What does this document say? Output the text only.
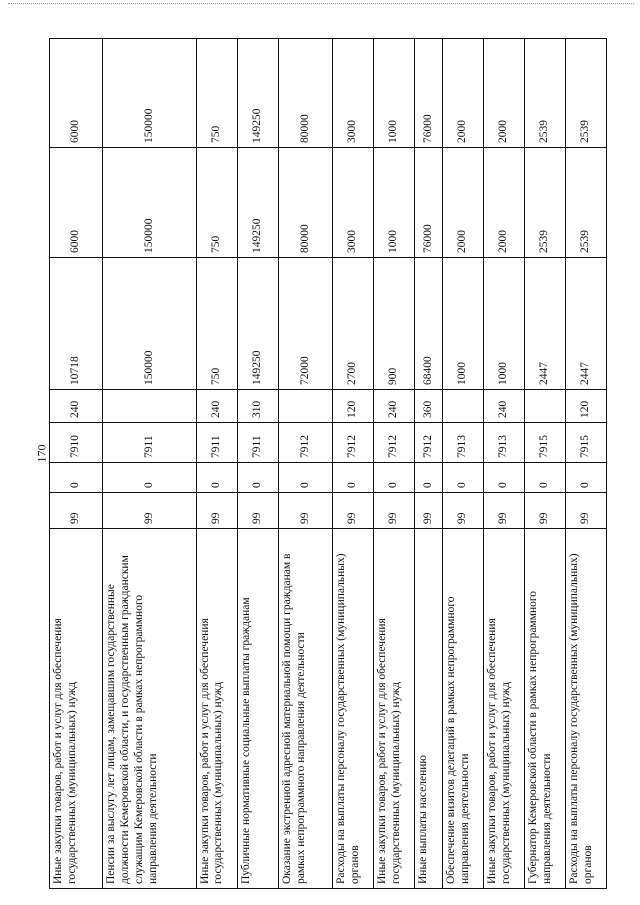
170
Иные закупки товаров, работ и услуг для обеспечения государственных (муниципальных) нужд	99	0	7910	240	10718	6000	6000
Пенсии за выслугу лет лицам, замещавшим государственные должности Кемеровской области, и государственным гражданским служащим Кемеровской области в рамках непрограммного направления деятельности	99	0	7911		150000	150000	150000
Иные закупки товаров, работ и услуг для обеспечения государственных (муниципальных) нужд	99	0	7911	240	750	750	750
Публичные нормативные социальные выплаты гражданам	99	0	7911	310	149250	149250	149250
Оказание экстренной адресной материальной помощи гражданам в рамках непрограммного направления деятельности	99	0	7912		72000	80000	80000
Расходы на выплаты персоналу государственных (муниципальных) органов	99	0	7912	120	2700	3000	3000
Иные закупки товаров, работ и услуг для обеспечения государственных (муниципальных) нужд	99	0	7912	240	900	1000	1000
Иные выплаты населению	99	0	7912	360	68400	76000	76000
Обеспечение визитов делегаций в рамках непрограммного направления деятельности	99	0	7913		1000	2000	2000
Иные закупки товаров, работ и услуг для обеспечения государственных (муниципальных) нужд	99	0	7913	240	1000	2000	2000
Губернатор Кемеровской области в рамках непрограммного направления деятельности	99	0	7915		2447	2539	2539
Расходы на выплаты персоналу государственных (муниципальных) органов	99	0	7915	120	2447	2539	2539
